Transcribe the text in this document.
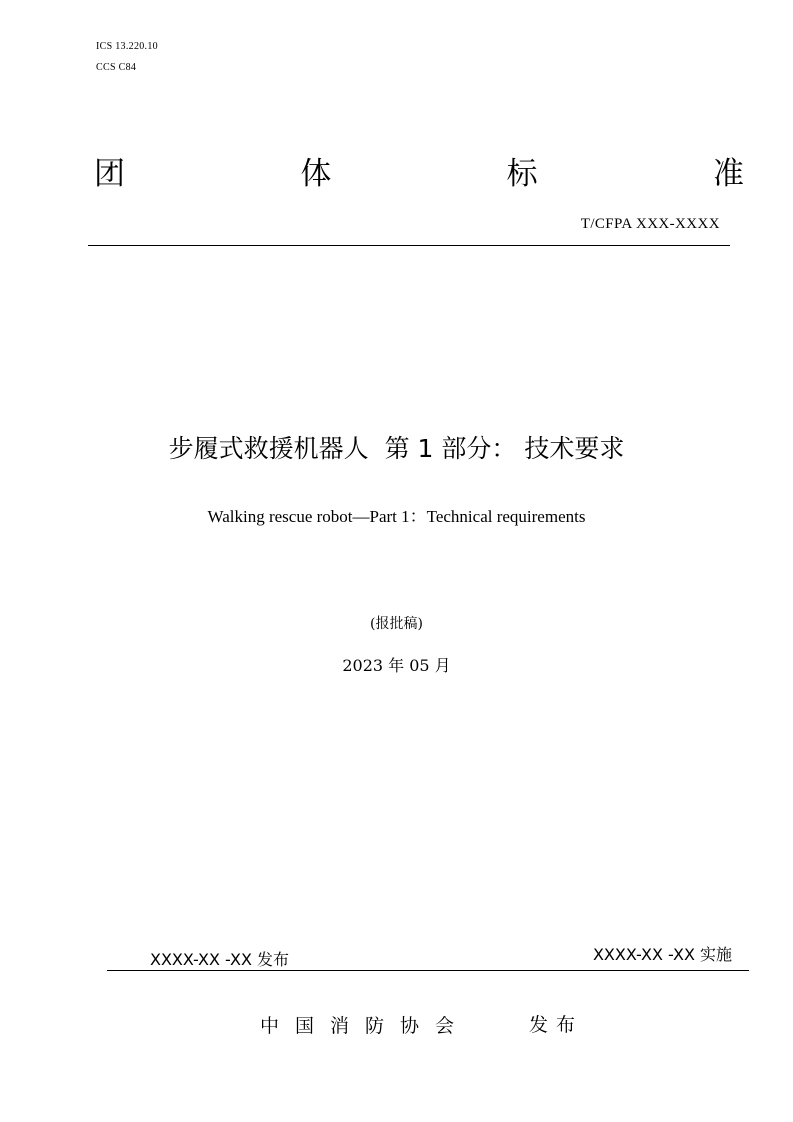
ICS 13.220.10
CCS C84
团	体	标	准
T/CFPA XXX-XXXX
步履式救援机器人  第 1 部分： 技术要求
Walking rescue robot—Part 1：Technical requirements
(报批稿)
2023 年 05 月
XXXX-XX -XX 发布	XXXX-XX -XX 实施
中国消防协会	发布
